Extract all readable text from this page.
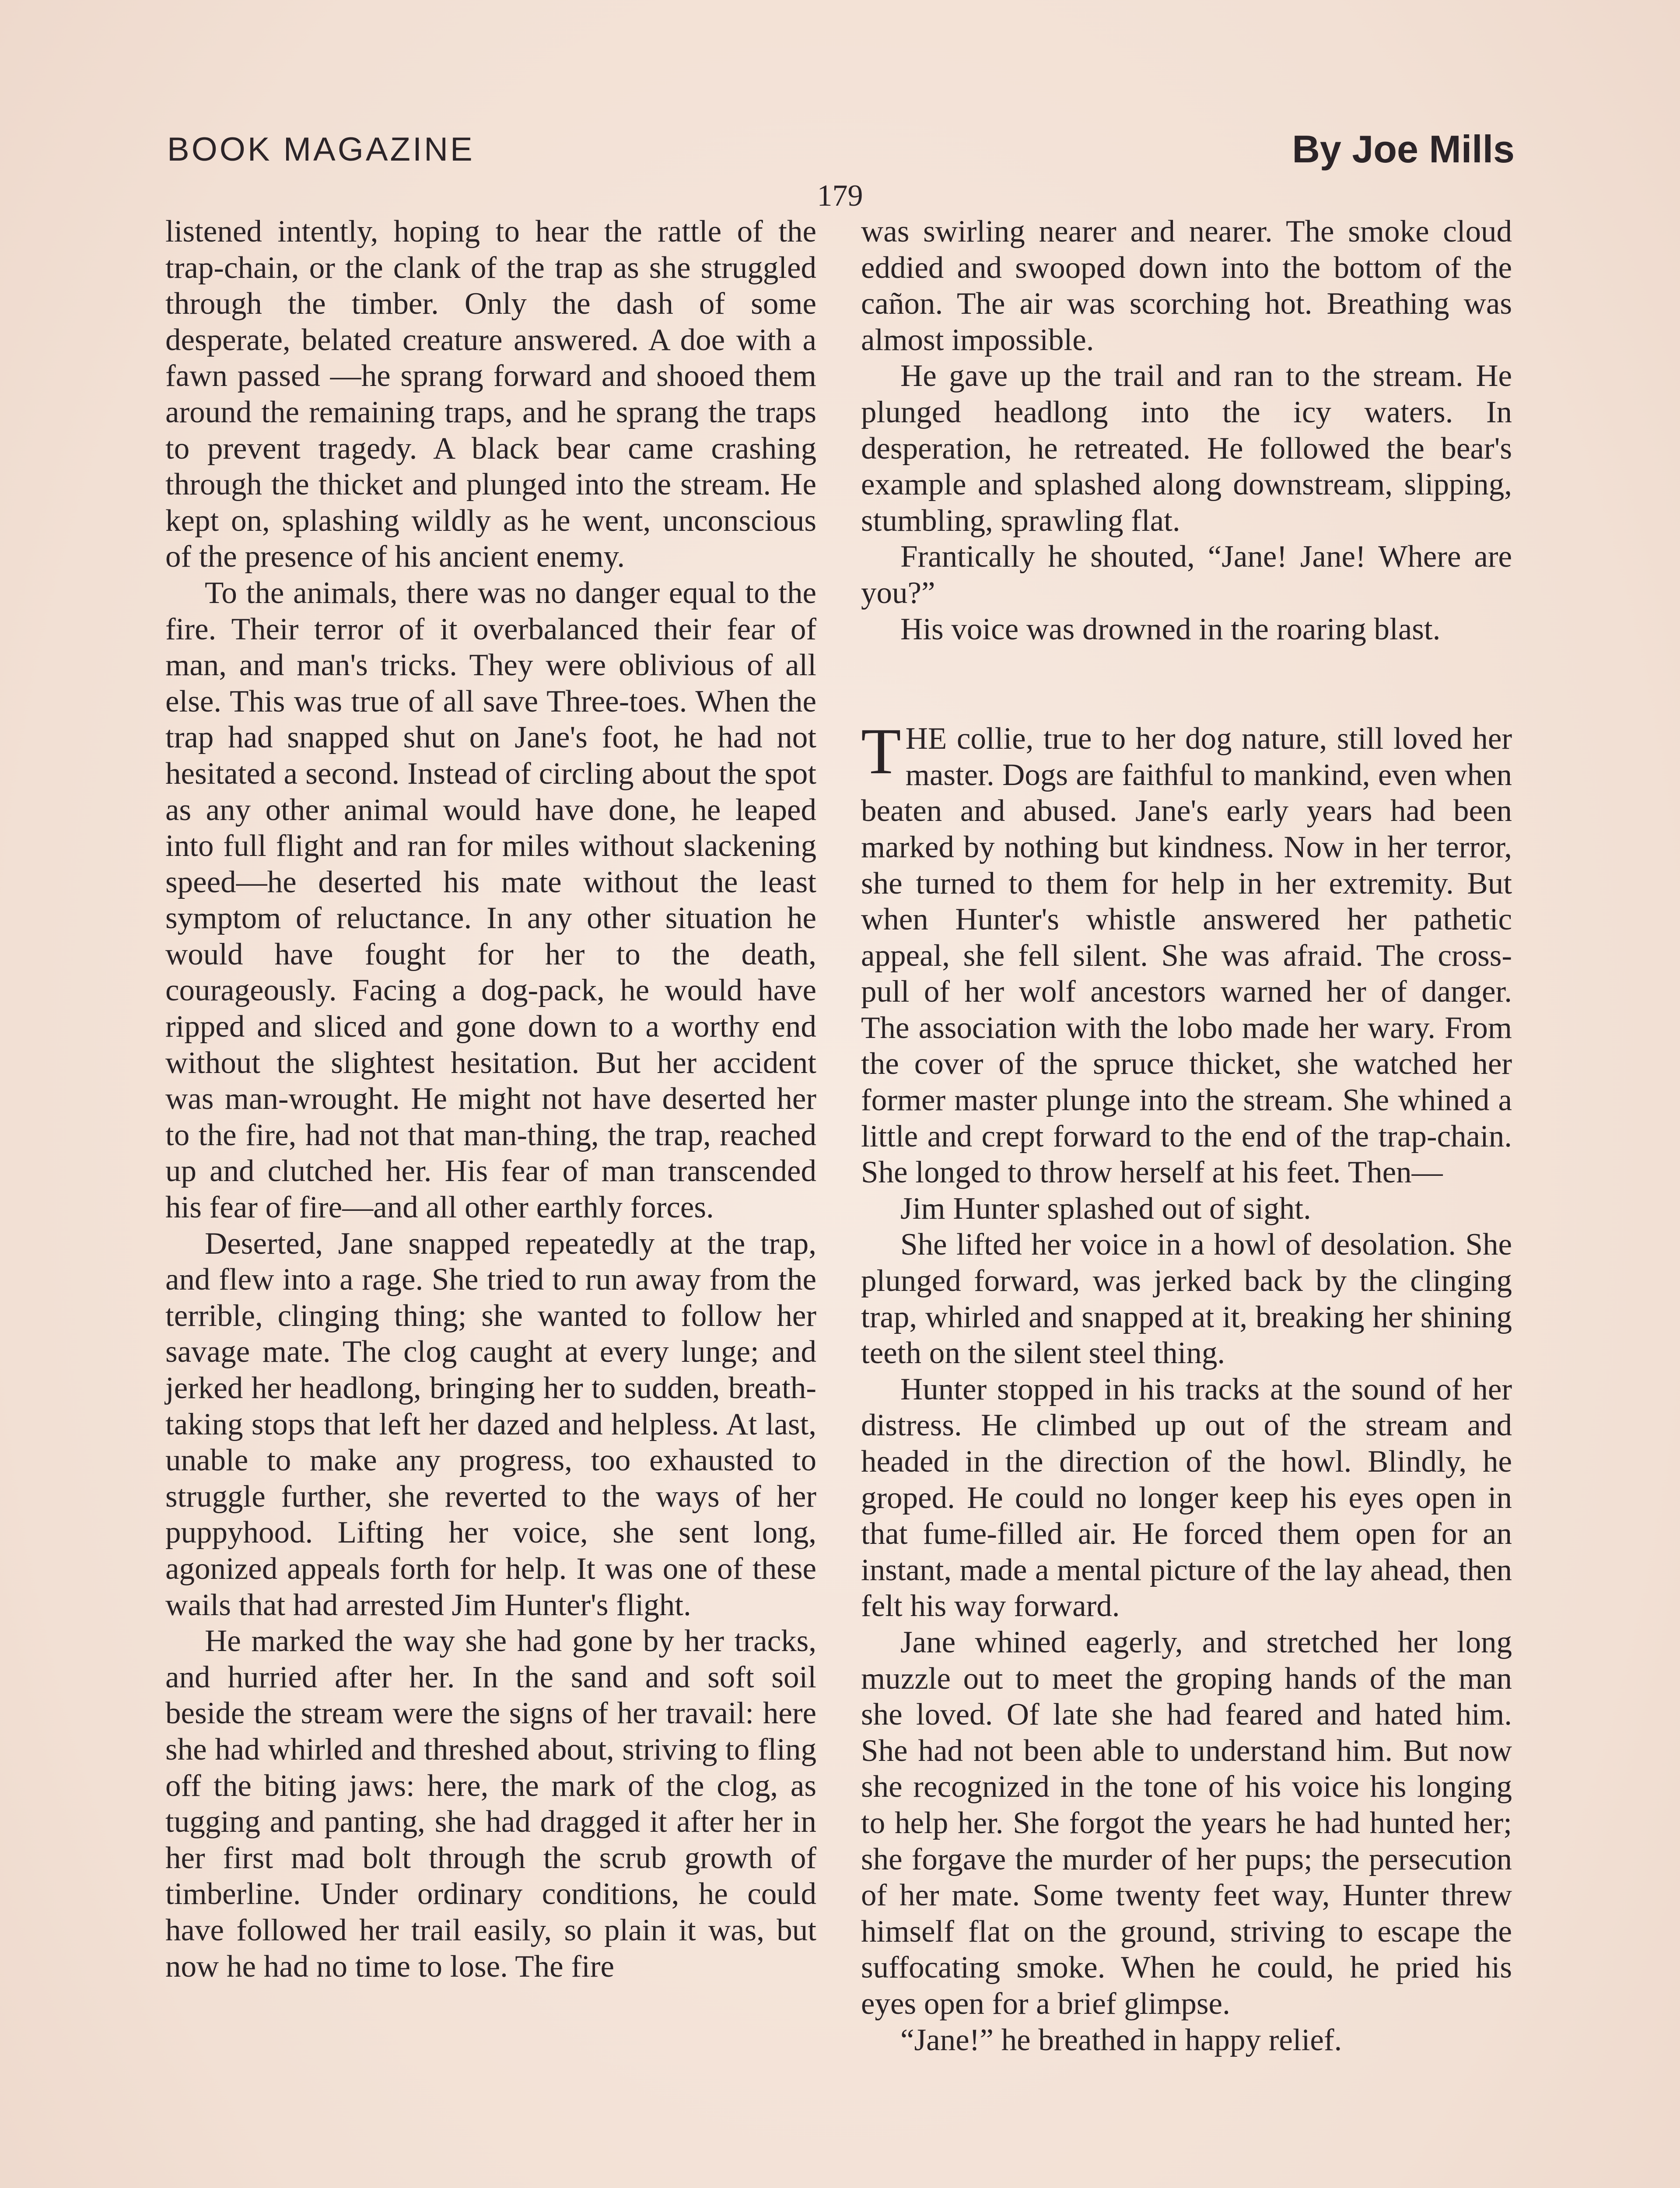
BOOK MAGAZINE	By Joe Mills
179

listened intently, hoping to hear the rattle of the trap-chain, or the clank of the trap as she struggled through the timber. Only the dash of some desperate, belated creature answered. A doe with a fawn passed —he sprang forward and shooed them around the remaining traps, and he sprang the traps to prevent tragedy. A black bear came crashing through the thicket and plunged into the stream. He kept on, splashing wildly as he went, unconscious of the presence of his ancient enemy.

To the animals, there was no danger equal to the fire. Their terror of it overbalanced their fear of man, and man's tricks. They were oblivious of all else. This was true of all save Three-toes. When the trap had snapped shut on Jane's foot, he had not hesitated a second. Instead of circling about the spot as any other animal would have done, he leaped into full flight and ran for miles without slackening speed—he deserted his mate without the least symptom of reluctance. In any other situation he would have fought for her to the death, courageously. Facing a dog-pack, he would have ripped and sliced and gone down to a worthy end without the slightest hesitation. But her accident was man-wrought. He might not have deserted her to the fire, had not that man-thing, the trap, reached up and clutched her. His fear of man transcended his fear of fire—and all other earthly forces.

Deserted, Jane snapped repeatedly at the trap, and flew into a rage. She tried to run away from the terrible, clinging thing; she wanted to follow her savage mate. The clog caught at every lunge; and jerked her headlong, bringing her to sudden, breath-taking stops that left her dazed and helpless. At last, unable to make any progress, too exhausted to struggle further, she reverted to the ways of her puppyhood. Lifting her voice, she sent long, agonized appeals forth for help. It was one of these wails that had arrested Jim Hunter's flight.

He marked the way she had gone by her tracks, and hurried after her. In the sand and soft soil beside the stream were the signs of her travail: here she had whirled and threshed about, striving to fling off the biting jaws: here, the mark of the clog, as tugging and panting, she had dragged it after her in her first mad bolt through the scrub growth of timberline. Under ordinary conditions, he could have followed her trail easily, so plain it was, but now he had no time to lose. The fire

was swirling nearer and nearer. The smoke cloud eddied and swooped down into the bottom of the cañon. The air was scorching hot. Breathing was almost impossible.

He gave up the trail and ran to the stream. He plunged headlong into the icy waters. In desperation, he retreated. He followed the bear's example and splashed along downstream, slipping, stumbling, sprawling flat.

Frantically he shouted, “Jane! Jane! Where are you?”

His voice was drowned in the roaring blast.

THE collie, true to her dog nature, still loved her master. Dogs are faithful to mankind, even when beaten and abused. Jane's early years had been marked by nothing but kindness. Now in her terror, she turned to them for help in her extremity. But when Hunter's whistle answered her pathetic appeal, she fell silent. She was afraid. The cross-pull of her wolf ancestors warned her of danger. The association with the lobo made her wary. From the cover of the spruce thicket, she watched her former master plunge into the stream. She whined a little and crept forward to the end of the trap-chain. She longed to throw herself at his feet. Then—

Jim Hunter splashed out of sight.

She lifted her voice in a howl of desolation. She plunged forward, was jerked back by the clinging trap, whirled and snapped at it, breaking her shining teeth on the silent steel thing.

Hunter stopped in his tracks at the sound of her distress. He climbed up out of the stream and headed in the direction of the howl. Blindly, he groped. He could no longer keep his eyes open in that fume-filled air. He forced them open for an instant, made a mental picture of the lay ahead, then felt his way forward.

Jane whined eagerly, and stretched her long muzzle out to meet the groping hands of the man she loved. Of late she had feared and hated him. She had not been able to understand him. But now she recognized in the tone of his voice his longing to help her. She forgot the years he had hunted her; she forgave the murder of her pups; the persecution of her mate. Some twenty feet way, Hunter threw himself flat on the ground, striving to escape the suffocating smoke. When he could, he pried his eyes open for a brief glimpse.

“Jane!” he breathed in happy relief.
